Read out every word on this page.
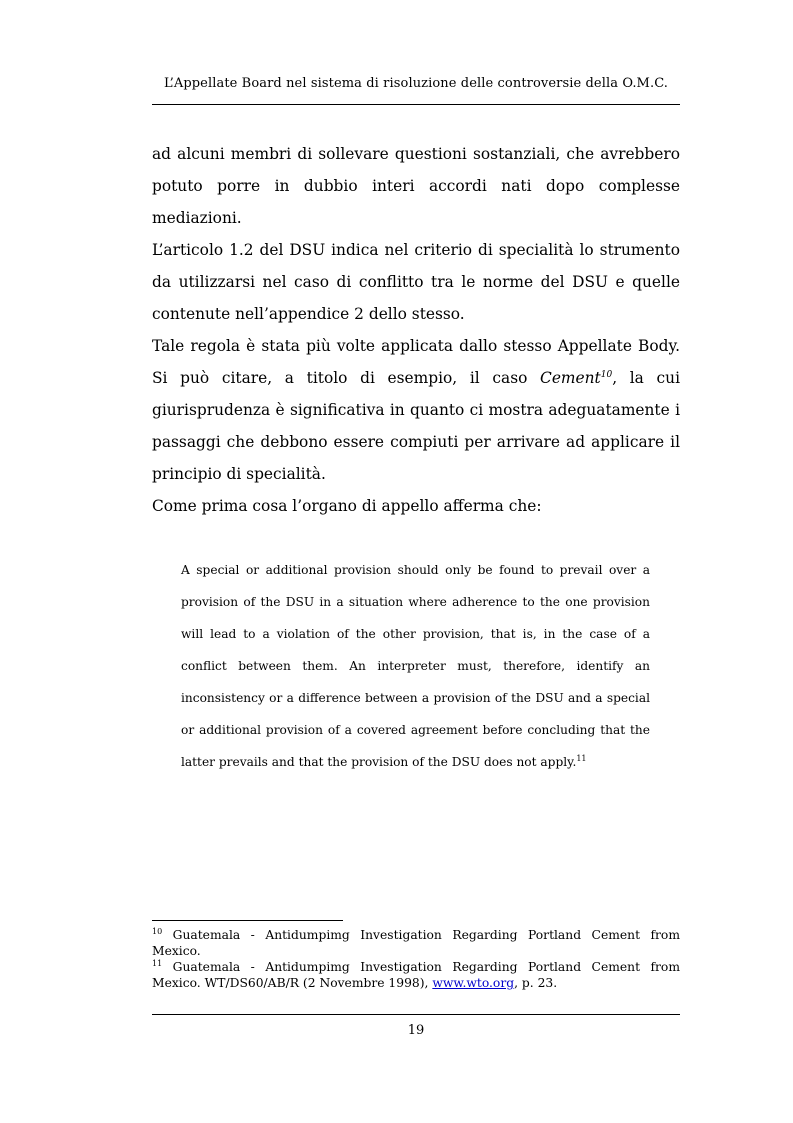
L’Appellate Board nel sistema di risoluzione delle controversie della O.M.C.

ad alcuni membri di sollevare questioni sostanziali, che avrebbero potuto porre in dubbio interi accordi nati dopo complesse mediazioni.

L’articolo 1.2 del DSU indica nel criterio di specialità lo strumento da utilizzarsi nel caso di conflitto tra le norme del DSU e quelle contenute nell’appendice 2 dello stesso.

Tale regola è stata più volte applicata dallo stesso Appellate Body. Si può citare, a titolo di esempio, il caso Cement$^{10}$, la cui giurisprudenza è significativa in quanto ci mostra adeguatamente i passaggi che debbono essere compiuti per arrivare ad applicare il principio di specialità.

Come prima cosa l’organo di appello afferma che:

A special or additional provision should only be found to prevail over a provision of the DSU in a situation where adherence to the one provision will lead to a violation of the other provision, that is, in the case of a conflict between them. An interpreter must, therefore, identify an inconsistency or a difference between a provision of the DSU and a special or additional provision of a covered agreement before concluding that the latter prevails and that the provision of the DSU does not apply.$^{11}$

$^{10}$ Guatemala - Antidumpimg Investigation Regarding Portland Cement from Mexico.

$^{11}$ Guatemala - Antidumpimg Investigation Regarding Portland Cement from Mexico. WT/DS60/AB/R (2 Novembre 1998), www.wto.org, p. 23.

19
